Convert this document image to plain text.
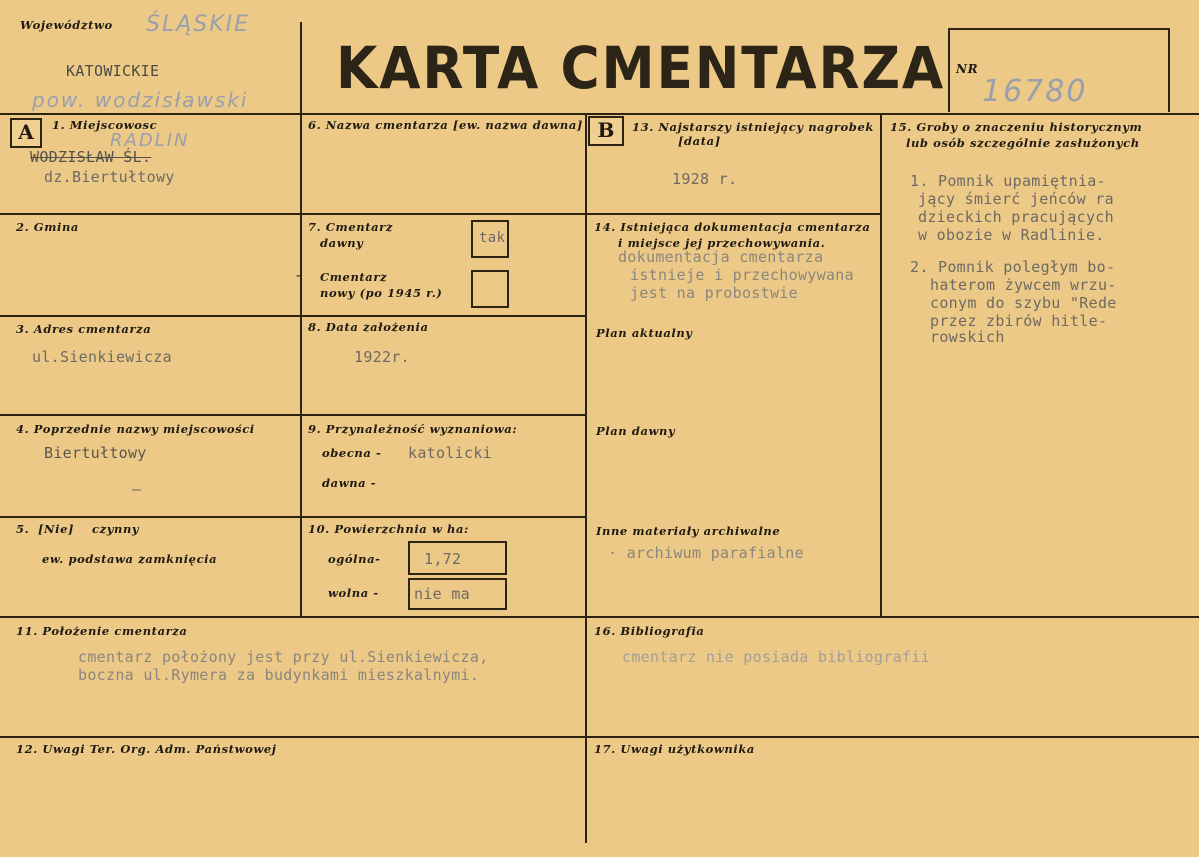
Województwo ŚLĄSKIE
KATOWICKIE
pow. wodzisławski KARTA CMENTARZA NR
16780
A	B
1. Miejscowosc
RADLIN
WODZISŁAW ŚL.
dz.Biertułtowy
2. Gmina
3. Adres cmentarza
ul.Sienkiewicza
4. Poprzednie nazwy miejscowości
Biertułtowy
—
5. [Nie] czynny
ew. podstawa zamknięcia
6. Nazwa cmentarza [ew. nazwa dawna]
7. Cmentarz
dawny	tak
Cmentarz
nowy (po 1945 r.)
-
8. Data założenia
1922r.
9. Przynależność wyznaniowa:
obecna - katolicki
dawna -
10. Powierzchnia w ha:
ogólna-	1,72
wolna - nie ma
11. Położenie cmentarza
cmentarz położony jest przy ul.Sienkiewicza,
boczna ul.Rymera za budynkami mieszkalnymi.
12. Uwagi Ter. Org. Adm. Państwowej
13. Najstarszy istniejący nagrobek
[data]
1928 r.
14. Istniejąca dokumentacja cmentarza
i miejsce jej przechowywania.
dokumentacja cmentarza
istnieje i przechowywana
jest na probostwie
Plan aktualny
Plan dawny
Inne materiały archiwalne
· archiwum parafialne
15. Groby o znaczeniu historycznym
lub osób szczególnie zasłużonych
1. Pomnik upamiętnia-
jący śmierć jeńców ra
dzieckich pracujących
w obozie w Radlinie.
2. Pomnik poległym bo-
haterom żywcem wrzu-
conym do szybu "Rede
przez zbirów hitle-
rowskich
16. Bibliografia
cmentarz nie posiada bibliografii
17. Uwagi użytkownika
